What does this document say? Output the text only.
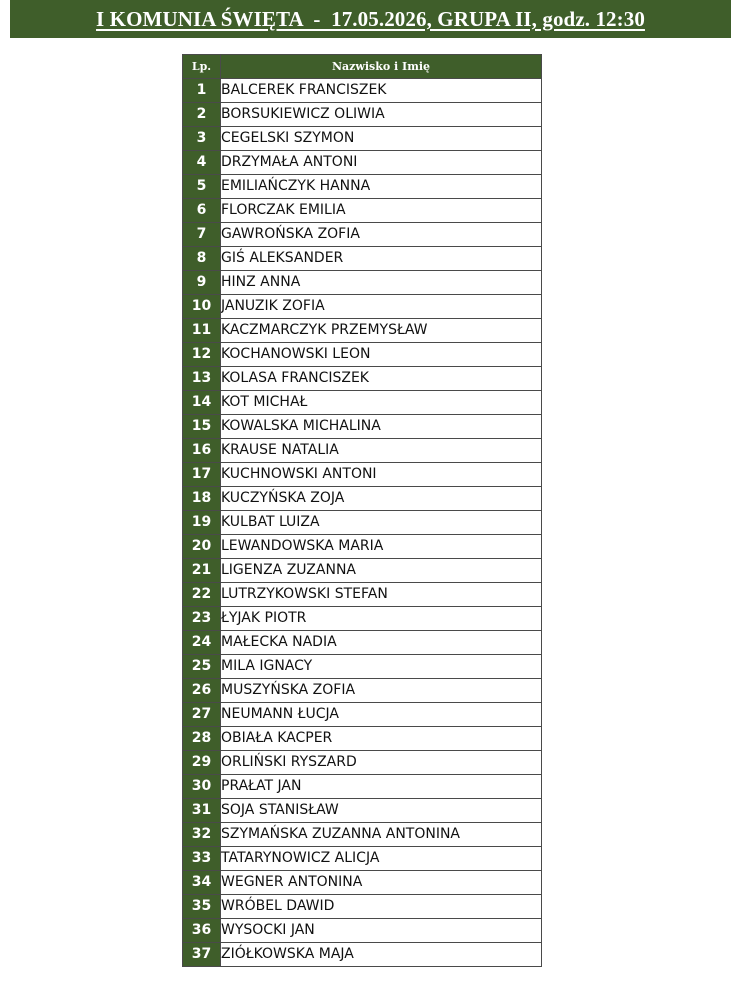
I KOMUNIA ŚWIĘTA  -  17.05.2026, GRUPA II, godz. 12:30
Lp.	Nazwisko i Imię
1	BALCEREK FRANCISZEK
2	BORSUKIEWICZ OLIWIA
3	CEGELSKI SZYMON
4	DRZYMAŁA ANTONI
5	EMILIAŃCZYK HANNA
6	FLORCZAK EMILIA
7	GAWROŃSKA ZOFIA
8	GIŚ ALEKSANDER
9	HINZ ANNA
10	JANUZIK ZOFIA
11	KACZMARCZYK PRZEMYSŁAW
12	KOCHANOWSKI LEON
13	KOLASA FRANCISZEK
14	KOT MICHAŁ
15	KOWALSKA MICHALINA
16	KRAUSE NATALIA
17	KUCHNOWSKI ANTONI
18	KUCZYŃSKA ZOJA
19	KULBAT LUIZA
20	LEWANDOWSKA MARIA
21	LIGENZA ZUZANNA
22	LUTRZYKOWSKI STEFAN
23	ŁYJAK PIOTR
24	MAŁECKA NADIA
25	MILA IGNACY
26	MUSZYŃSKA ZOFIA
27	NEUMANN ŁUCJA
28	OBIAŁA KACPER
29	ORLIŃSKI RYSZARD
30	PRAŁAT JAN
31	SOJA STANISŁAW
32	SZYMAŃSKA ZUZANNA ANTONINA
33	TATARYNOWICZ ALICJA
34	WEGNER ANTONINA
35	WRÓBEL DAWID
36	WYSOCKI JAN
37	ZIÓŁKOWSKA MAJA
